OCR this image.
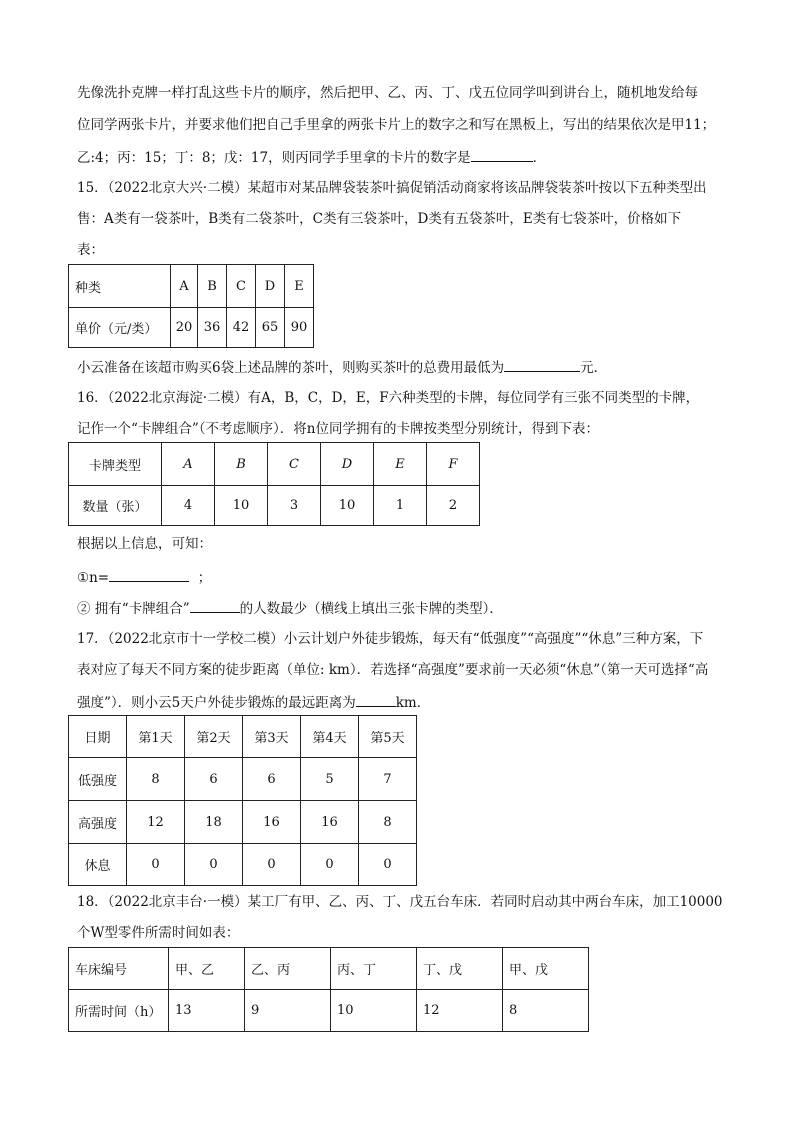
先像洗扑克牌一样打乱这些卡片的顺序，然后把甲、乙、丙、丁、戊五位同学叫到讲台上，随机地发给每
位同学两张卡片，并要求他们把自己手里拿的两张卡片上的数字之和写在黑板上，写出的结果依次是甲11；
乙:4；丙：15；丁：8；戊：17，则丙同学手里拿的卡片的数字是	．
15．（2022北京大兴·二模）某超市对某品牌袋装茶叶搞促销活动商家将该品牌袋装茶叶按以下五种类型出
售：A类有一袋茶叶，B类有二袋茶叶，C类有三袋茶叶，D类有五袋茶叶，E类有七袋茶叶，价格如下
表：
种类	A	B	C	D	E
单价（元/类）	20	36	42	65	90
小云准备在该超市购买6袋上述品牌的茶叶，则购买茶叶的总费用最低为	元．
16．（2022北京海淀·二模）有A，B，C，D，E，F六种类型的卡牌，每位同学有三张不同类型的卡牌，
记作一个“卡牌组合”（不考虑顺序）．将n位同学拥有的卡牌按类型分别统计，得到下表：
卡牌类型	A	B	C	D	E	F
数量（张）	4	10	3	10	1	2
根据以上信息，可知：
①n=	；
② 拥有“卡牌组合”	的人数最少（横线上填出三张卡牌的类型）．
17．（2022北京市十一学校二模）小云计划户外徒步锻炼，每天有“低强度”“高强度”“休息”三种方案，下
表对应了每天不同方案的徒步距离（单位: km）．若选择“高强度”要求前一天必须“休息”（第一天可选择“高
强度”）．则小云5天户外徒步锻炼的最远距离为	km．
日期	第1天	第2天	第3天	第4天	第5天
低强度	8	6	6	5	7
高强度	12	18	16	16	8
休息	0	0	0	0	0
18．（2022北京丰台·一模）某工厂有甲、乙、丙、丁、戊五台车床．若同时启动其中两台车床，加工10000
个W型零件所需时间如表：
车床编号	甲、乙	乙、丙	丙、丁	丁、戊	甲、戊
所需时间（h）	13	9	10	12	8
